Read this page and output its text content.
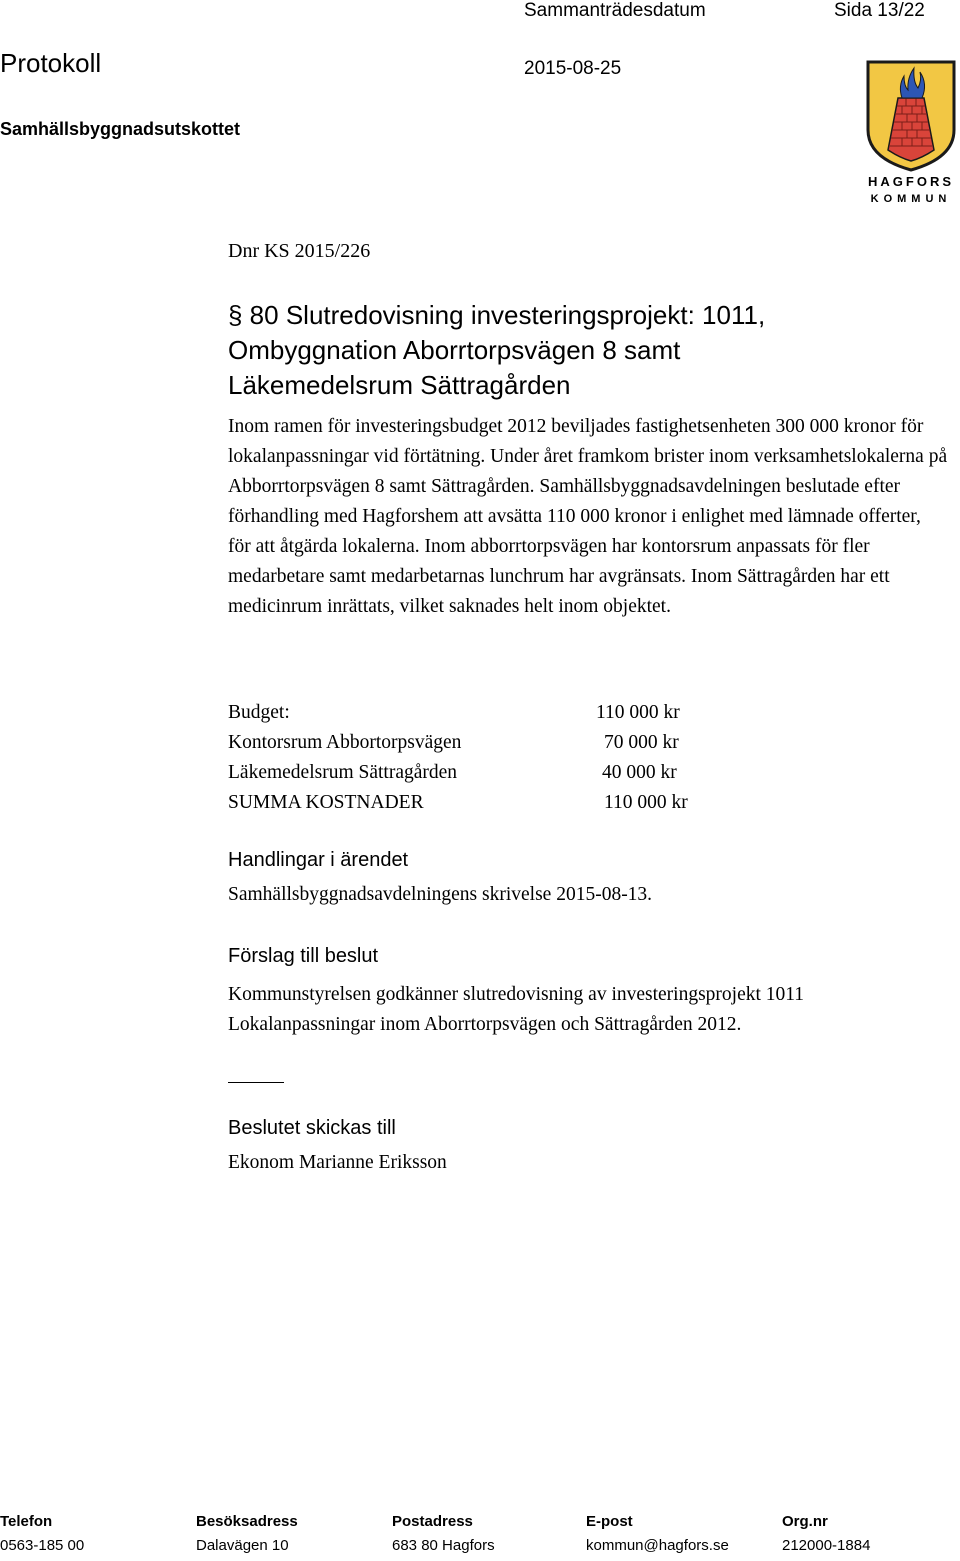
Sammanträdesdatum	Sida 13/22
Protokoll	2015-08-25
Samhällsbyggnadsutskottet
HAGFORS
KOMMUN
Dnr KS 2015/226
§ 80 Slutredovisning investeringsprojekt: 1011,
Ombyggnation Aborrtorpsvägen 8 samt
Läkemedelsrum Sättragården

Inom ramen för investeringsbudget 2012 beviljades fastighetsenheten 300 000 kronor för lokalanpassningar vid förtätning. Under året framkom brister inom verksamhetslokalerna på Abborrtorpsvägen 8 samt Sättragården. Samhällsbyggnadsavdelningen beslutade efter förhandling med Hagforshem att avsätta 110 000 kronor i enlighet med lämnade offerter, för att åtgärda lokalerna. Inom abborrtorpsvägen har kontorsrum anpassats för fler medarbetare samt medarbetarnas lunchrum har avgränsats. Inom Sättragården har ett medicinrum inrättats, vilket saknades helt inom objektet.

Budget:	110 000 kr
Kontorsrum Abbortorpsvägen	70 000 kr
Läkemedelsrum Sättragården	40 000 kr
SUMMA KOSTNADER	110 000 kr
Handlingar i ärendet
Samhällsbyggnadsavdelningens skrivelse 2015-08-13.
Förslag till beslut

Kommunstyrelsen godkänner slutredovisning av investeringsprojekt 1011 Lokalanpassningar inom Aborrtorpsvägen och Sättragården 2012.

Beslutet skickas till
Ekonom Marianne Eriksson
Telefon
0563-185 00
Besöksadress
Dalavägen 10
Postadress
683 80 Hagfors
E-post
kommun@hagfors.se
Org.nr
212000-1884
